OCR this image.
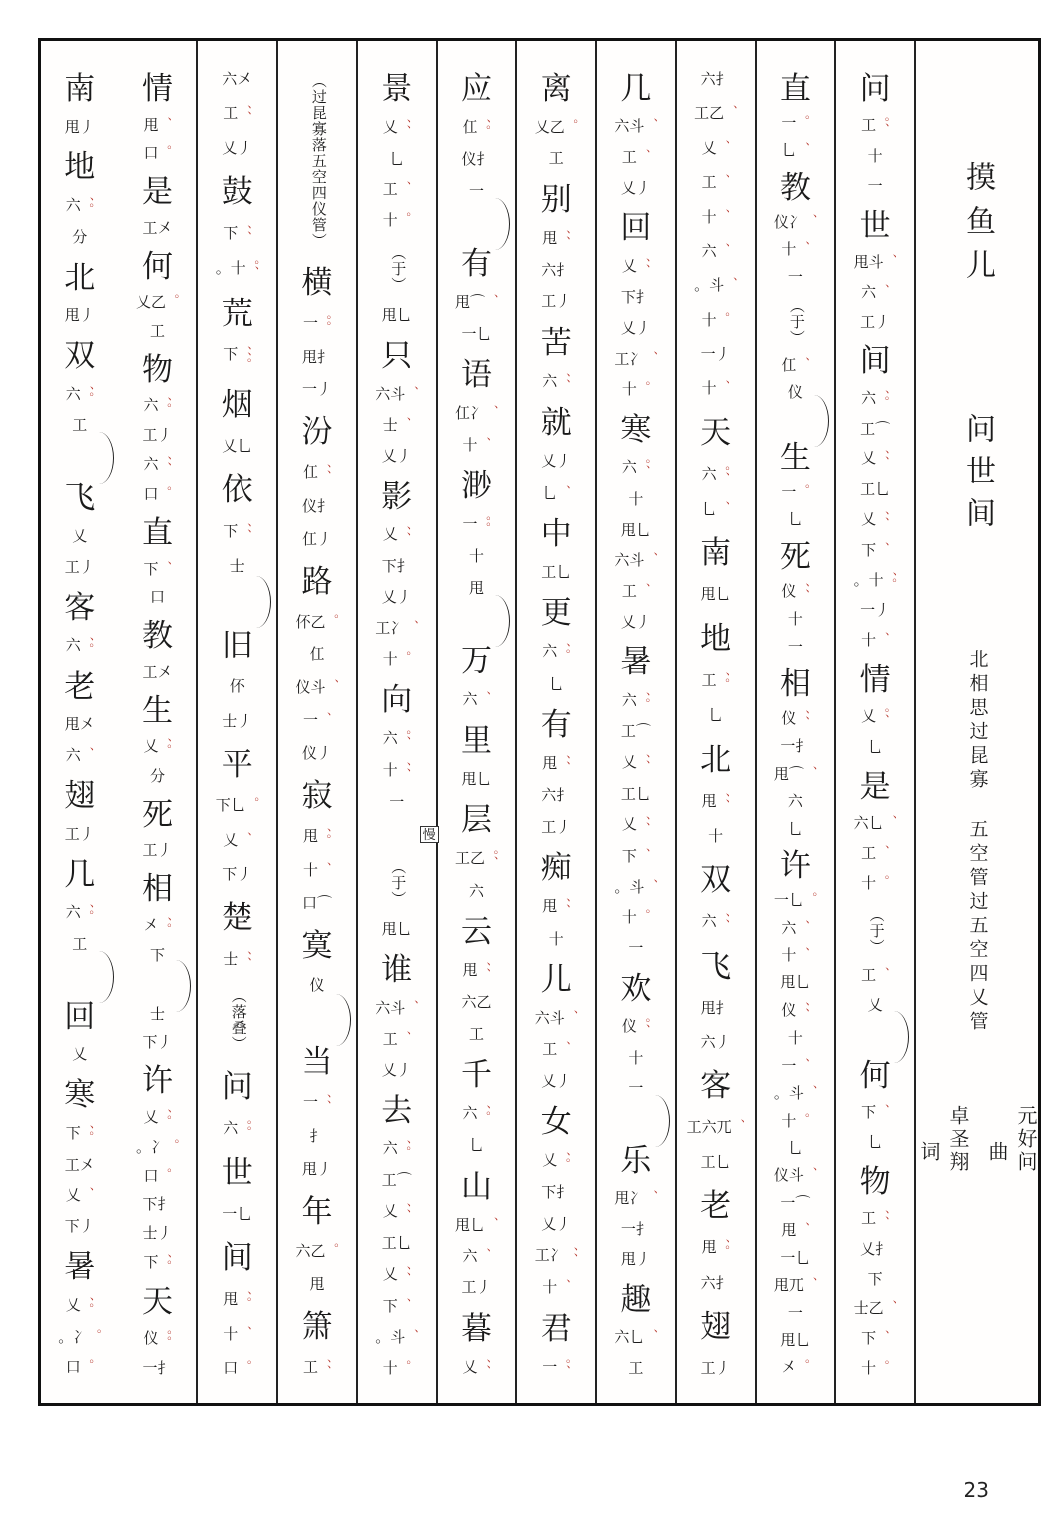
摸鱼儿
问世间
北相思过昆寡
五空管过五空四乂管
卓圣翔
词	元好问
曲
问
工 。、
十
一
世
甩斗 、
六 、
工丿
间
六 、。
工⌒
乂 、、
工乚
乂 、、
下 、
。十 、。
一丿
十 、
情
乂 。、
乚
是
六乚 、
工 、
十 。
（于）
工 、
乂
何
下 、
乚
物
工 、、
乂扌
下
士乙 、
下 、
十 。
直
一 。
乚 、
教
仪冫 、
十 、
一
（于）
仜 、
仪
生
一 。
乚
死
仪 、、
十
一
相
仪 、、
一扌
甩⌒ 、
六
乚
许
一乚 。
六 、
十 、
甩乚
仪 、、
十
一 、
。斗 、
十 。
乚
仪斗 、
一⌒
甩 、
一乚
甩兀 、
一
甩乚
㐅 。
六扌
工乙 、
乂 、
工 、
十 、
六 、
。斗 、
十 。
一丿
十 、
天
六 。、
乚 、
南
甩乚
地
工 、。
乚
北
甩 、、
十
双
六 、、
飞
甩扌
六丿
客
工六兀 、
工乚
老
甩 、。
六扌
翅
工丿
几
六斗 、
工 、
乂丿
回
乂 、、
下扌
乂丿
工冫 、
十 。
寒
六 。、
十
甩乚
六斗 、
工 、
乂丿
暑
六 、。
工⌒
乂 、、
工乚
乂 、、
下 、
。斗 、
十 。
一
欢
仪 。、
十
一
乐
甩冫 、
一扌
甩丿
趣
六乚 、
工
离
乂乙 。
工
别
甩 、、
六扌
工丿
苦
六 、、
就
乂丿
乚 、
中
工乚
更
六 、。
乚
有
甩 、、
六扌
工丿
痴
甩 、、
十
儿
六斗 、
工 、
乂丿
女
乂 、。
下扌
乂丿
工冫 、、
十 、
君
一 。、
应
仜 、。
仪扌
一
有
甩⌒ 、
一乚
语
仜冫 、
十 、
渺
一 。。
十
甩
万
六 、
里
甩乚
层
工乙 。、
六
云
甩 、、
六乙
工
千
六 、。
乚
山
甩乚 、
六 、
工丿
暮
乂 、、
景
乂 、、
乚
工 、
十 。
（于）
甩乚
只
六斗 、
士 、
乂丿
影
乂 、、
下扌
乂丿
工冫 、
十 。
向
六 。、
十 、、
一
慢
（于）
甩乚
谁
六斗 、
工 、
乂丿
去
六 、。
工⌒
乂 、、
工乚
乂 、、
下 、
。斗 、
十 。
（过昆寡落五空四仪管）
横
一 。。
甩扌
一丿
汾
仜 、、
仪扌
仜丿
路
伓乙 。
仜
仪斗 、
一 、
仪丿
寂
甩 、。
十 、
口⌒
寞
仪
当
一 、、
扌
甩丿
年
六乙 。
甩
箫
工 、、
六㐅
工 、、
乂丿
鼓
下 、、
。十 。、
荒
下 、、。
烟
乂乚
依
下 、、
士
旧
伓
士丿
平
下乚 。
乂 、
下丿
楚
士 、、
（落叠）
问
六 。。
世
一乚
间
甩 、。
十 、
口 。
情
甩 、
口 。
是
工㐅
何
乂乙 。
工
物
六 、。
工丿
六 、、
口 。
直
下 、
口
教
工㐅
生
乂 、。
分
死
工丿
相
㐅 、。
下
士
下丿
许
乂 、。
。冫 。
口 。
下扌
士丿
下 、。
天
仪 。。
一扌
南
甩丿
地
六 、。
分
北
甩丿
双
六 、。
工
飞
乂
工丿
客
六 、。
老
甩㐅
六 、
翅
工丿
几
六 、。
工
回
乂
寒
下 、。
工㐅
乂 、
下丿
暑
乂 、。
。冫 。
口 。
23
